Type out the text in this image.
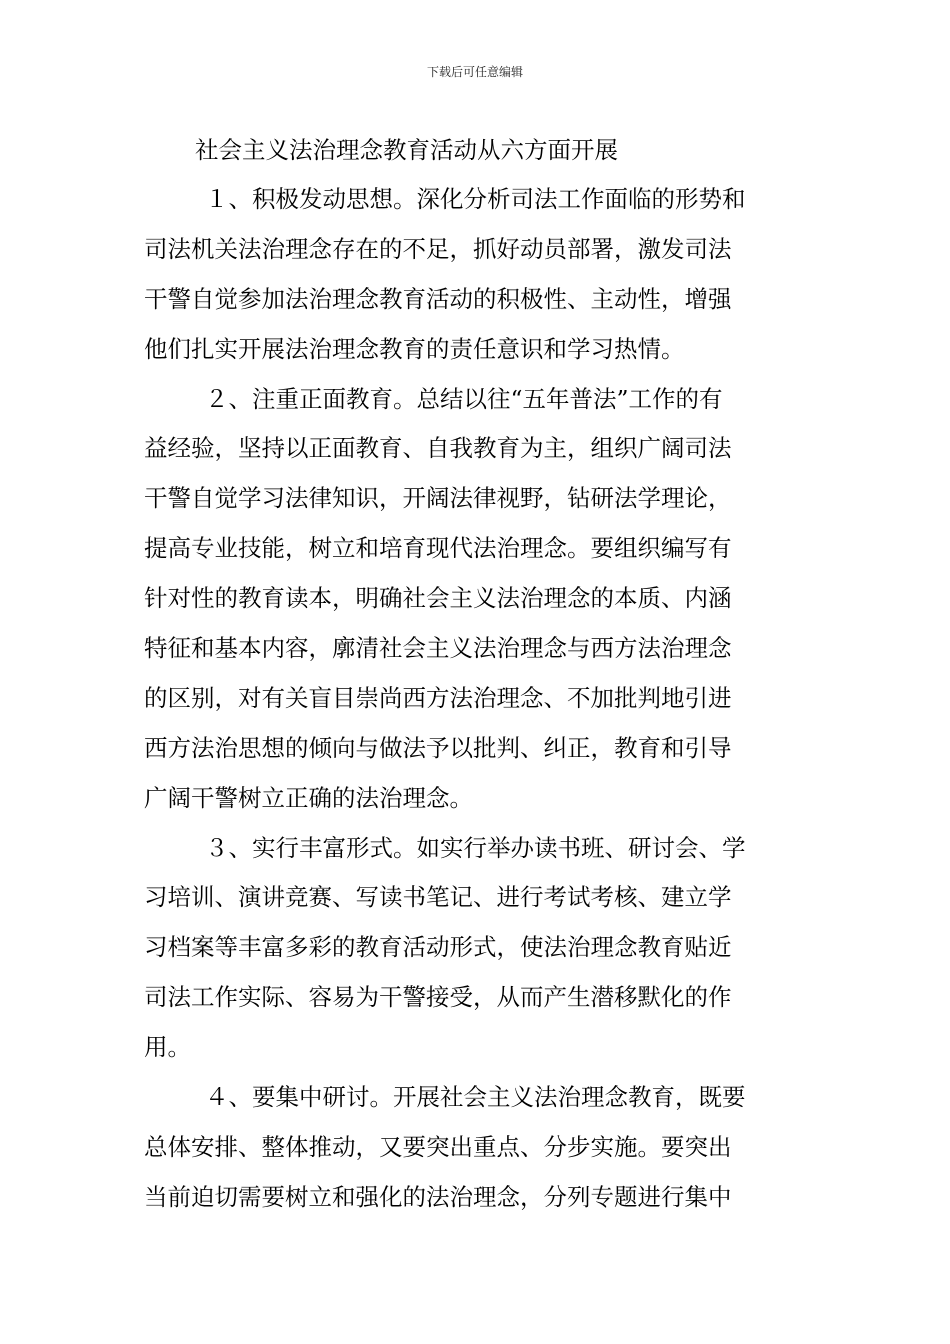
下载后可任意编辑
社会主义法治理念教育活动从六方面开展
１、积极发动思想。深化分析司法工作面临的形势和
司法机关法治理念存在的不足，抓好动员部署，激发司法
干警自觉参加法治理念教育活动的积极性、主动性，增强
他们扎实开展法治理念教育的责任意识和学习热情。
２、注重正面教育。总结以往“五年普法”工作的有
益经验，坚持以正面教育、自我教育为主，组织广阔司法
干警自觉学习法律知识，开阔法律视野，钻研法学理论，
提高专业技能，树立和培育现代法治理念。要组织编写有
针对性的教育读本，明确社会主义法治理念的本质、内涵
特征和基本内容，廓清社会主义法治理念与西方法治理念
的区别，对有关盲目崇尚西方法治理念、不加批判地引进
西方法治思想的倾向与做法予以批判、纠正，教育和引导
广阔干警树立正确的法治理念。
３、实行丰富形式。如实行举办读书班、研讨会、学
习培训、演讲竞赛、写读书笔记、进行考试考核、建立学
习档案等丰富多彩的教育活动形式，使法治理念教育贴近
司法工作实际、容易为干警接受，从而产生潜移默化的作
用。
４、要集中研讨。开展社会主义法治理念教育，既要
总体安排、整体推动，又要突出重点、分步实施。要突出
当前迫切需要树立和强化的法治理念，分列专题进行集中
